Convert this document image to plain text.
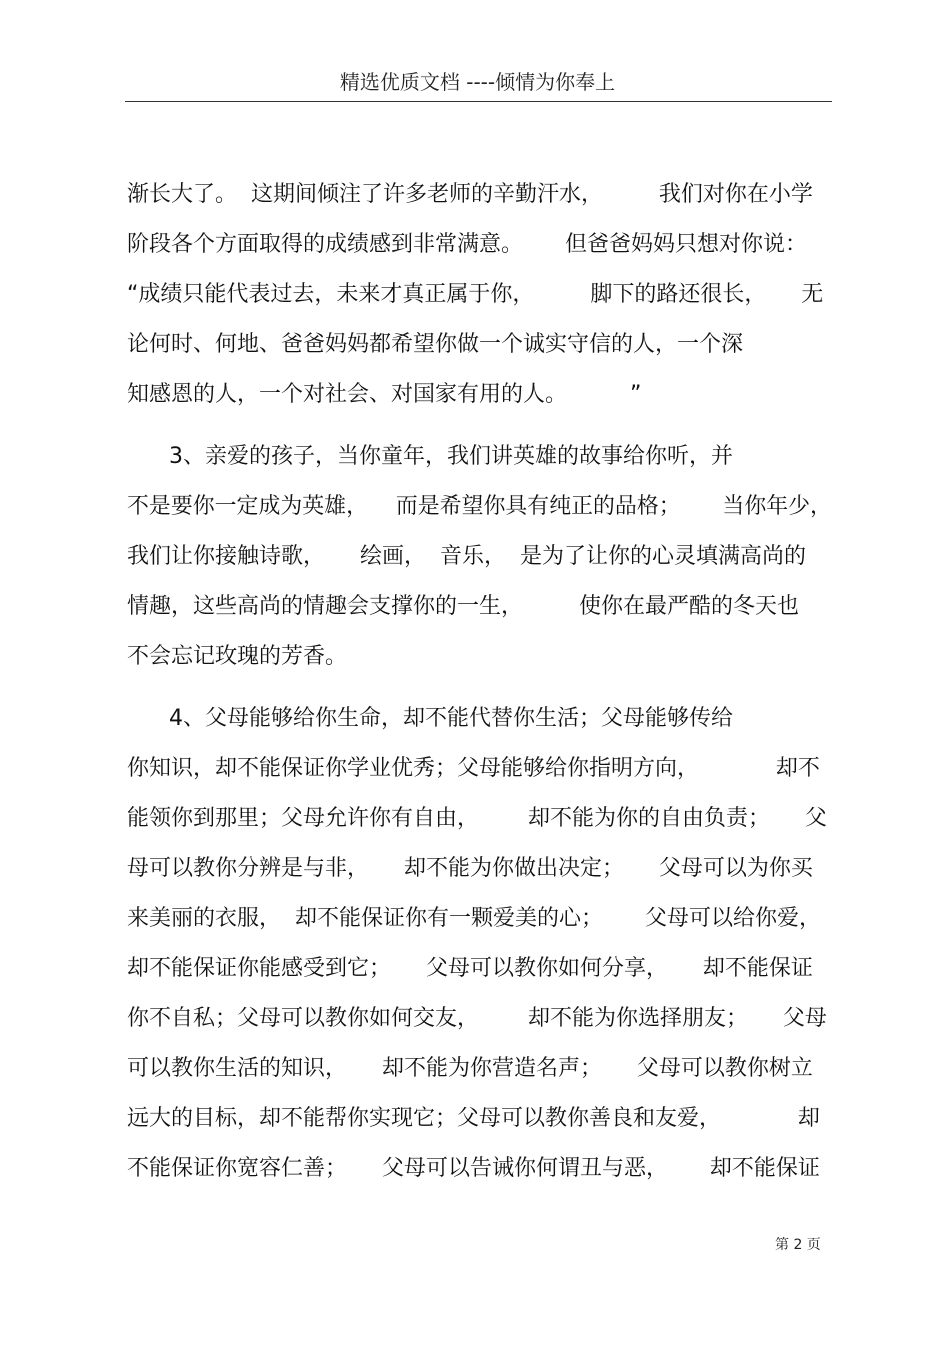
精选优质文档 ----倾情为你奉上
渐长大了。  这期间倾注了许多老师的辛勤汗水，        我们对你在小学
阶段各个方面取得的成绩感到非常满意。      但爸爸妈妈只想对你说：
“成绩只能代表过去，未来才真正属于你，        脚下的路还很长，     无
论何时、何地、爸爸妈妈都希望你做一个诚实守信的人，一个深
知感恩的人，一个对社会、对国家有用的人。         ”
3、亲爱的孩子，当你童年，我们讲英雄的故事给你听，并
不是要你一定成为英雄，    而是希望你具有纯正的品格；      当你年少，
我们让你接触诗歌，     绘画，  音乐，  是为了让你的心灵填满高尚的
情趣，这些高尚的情趣会支撑你的一生，        使你在最严酷的冬天也
不会忘记玫瑰的芳香。
4、父母能够给你生命，却不能代替你生活；父母能够传给
你知识，却不能保证你学业优秀；父母能够给你指明方向，           却不
能领你到那里；父母允许你有自由，       却不能为你的自由负责；     父
母可以教你分辨是与非，     却不能为你做出决定；     父母可以为你买
来美丽的衣服，  却不能保证你有一颗爱美的心；      父母可以给你爱，
却不能保证你能感受到它；     父母可以教你如何分享，     却不能保证
你不自私；父母可以教你如何交友，       却不能为你选择朋友；     父母
可以教你生活的知识，     却不能为你营造名声；     父母可以教你树立
远大的目标，却不能帮你实现它；父母可以教你善良和友爱，           却
不能保证你宽容仁善；     父母可以告诫你何谓丑与恶，      却不能保证
第 2 页
